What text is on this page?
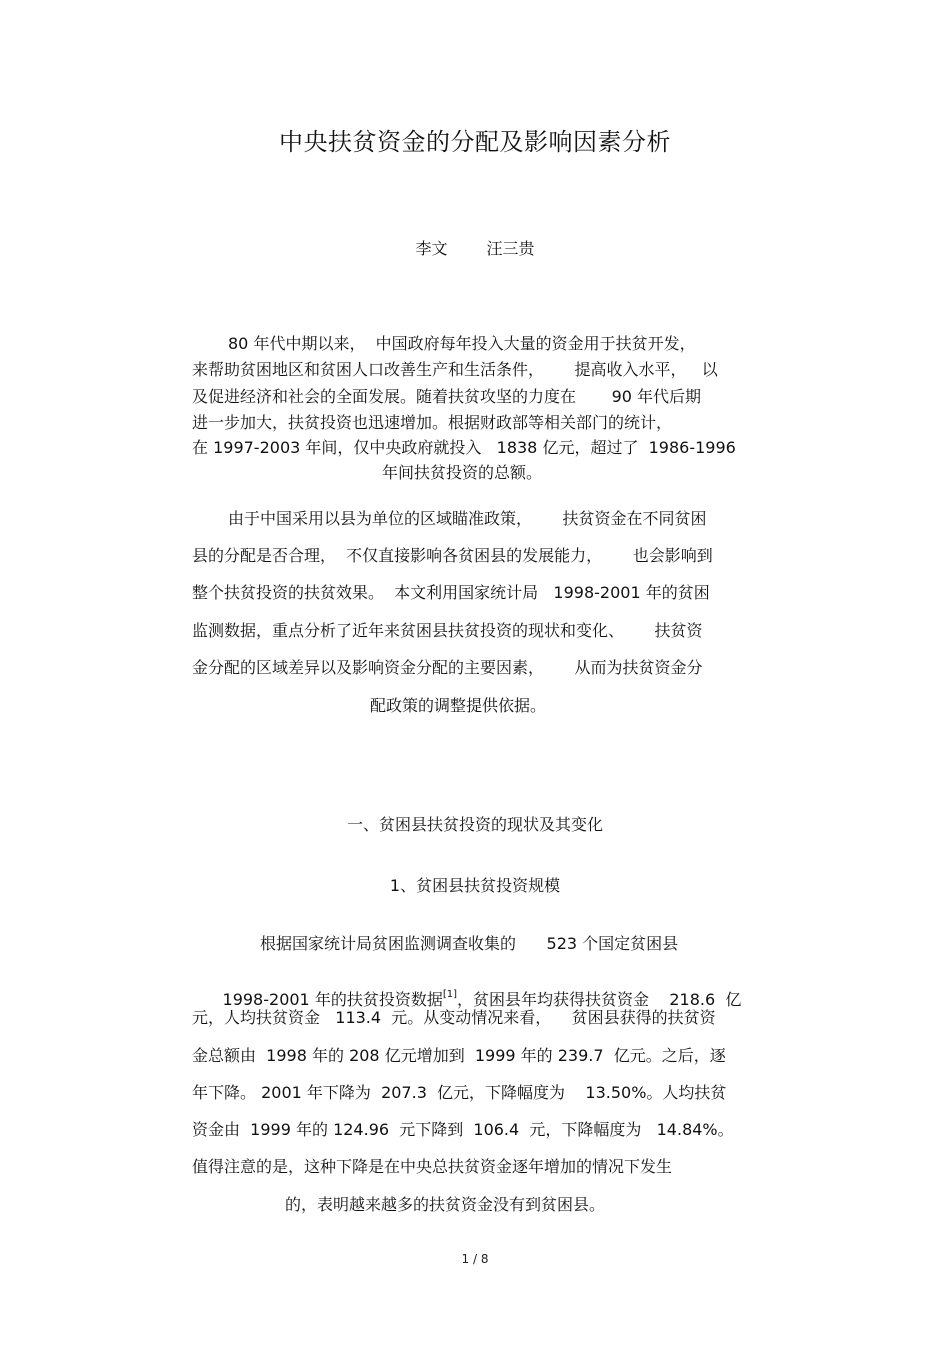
中央扶贫资金的分配及影响因素分析
李文 汪三贵
80 年代中期以来，  中国政府每年投入大量的资金用于扶贫开发，
来帮助贫困地区和贫困人口改善生产和生活条件，      提高收入水平，   以
及促进经济和社会的全面发展。随着扶贫攻坚的力度在       90 年代后期
进一步加大，扶贫投资也迅速增加。根据财政部等相关部门的统计，
在 1997-2003 年间，仅中央政府就投入   1838 亿元，超过了  1986-1996
年间扶贫投资的总额。
由于中国采用以县为单位的区域瞄准政策，      扶贫资金在不同贫困
县的分配是否合理，  不仅直接影响各贫困县的发展能力，      也会影响到
整个扶贫投资的扶贫效果。  本文利用国家统计局   1998-2001 年的贫困
监测数据，重点分析了近年来贫困县扶贫投资的现状和变化、      扶贫资
金分配的区域差异以及影响资金分配的主要因素，      从而为扶贫资金分
配政策的调整提供依据。
一、贫困县扶贫投资的现状及其变化
1、贫困县扶贫投资规模
根据国家统计局贫困监测调查收集的      523 个国定贫困县

1998-2001 年的扶贫投资数据[1]，贫困县年均获得扶贫资金    218.6  亿

元，人均扶贫资金   113.4  元。从变动情况来看，    贫困县获得的扶贫资
金总额由  1998 年的 208 亿元增加到  1999 年的 239.7  亿元。之后，逐
年下降。 2001 年下降为  207.3  亿元，下降幅度为    13.50%。人均扶贫
资金由  1999 年的 124.96  元下降到  106.4  元，下降幅度为   14.84%。
值得注意的是，这种下降是在中央总扶贫资金逐年增加的情况下发生
的，表明越来越多的扶贫资金没有到贫困县。
1 / 8
